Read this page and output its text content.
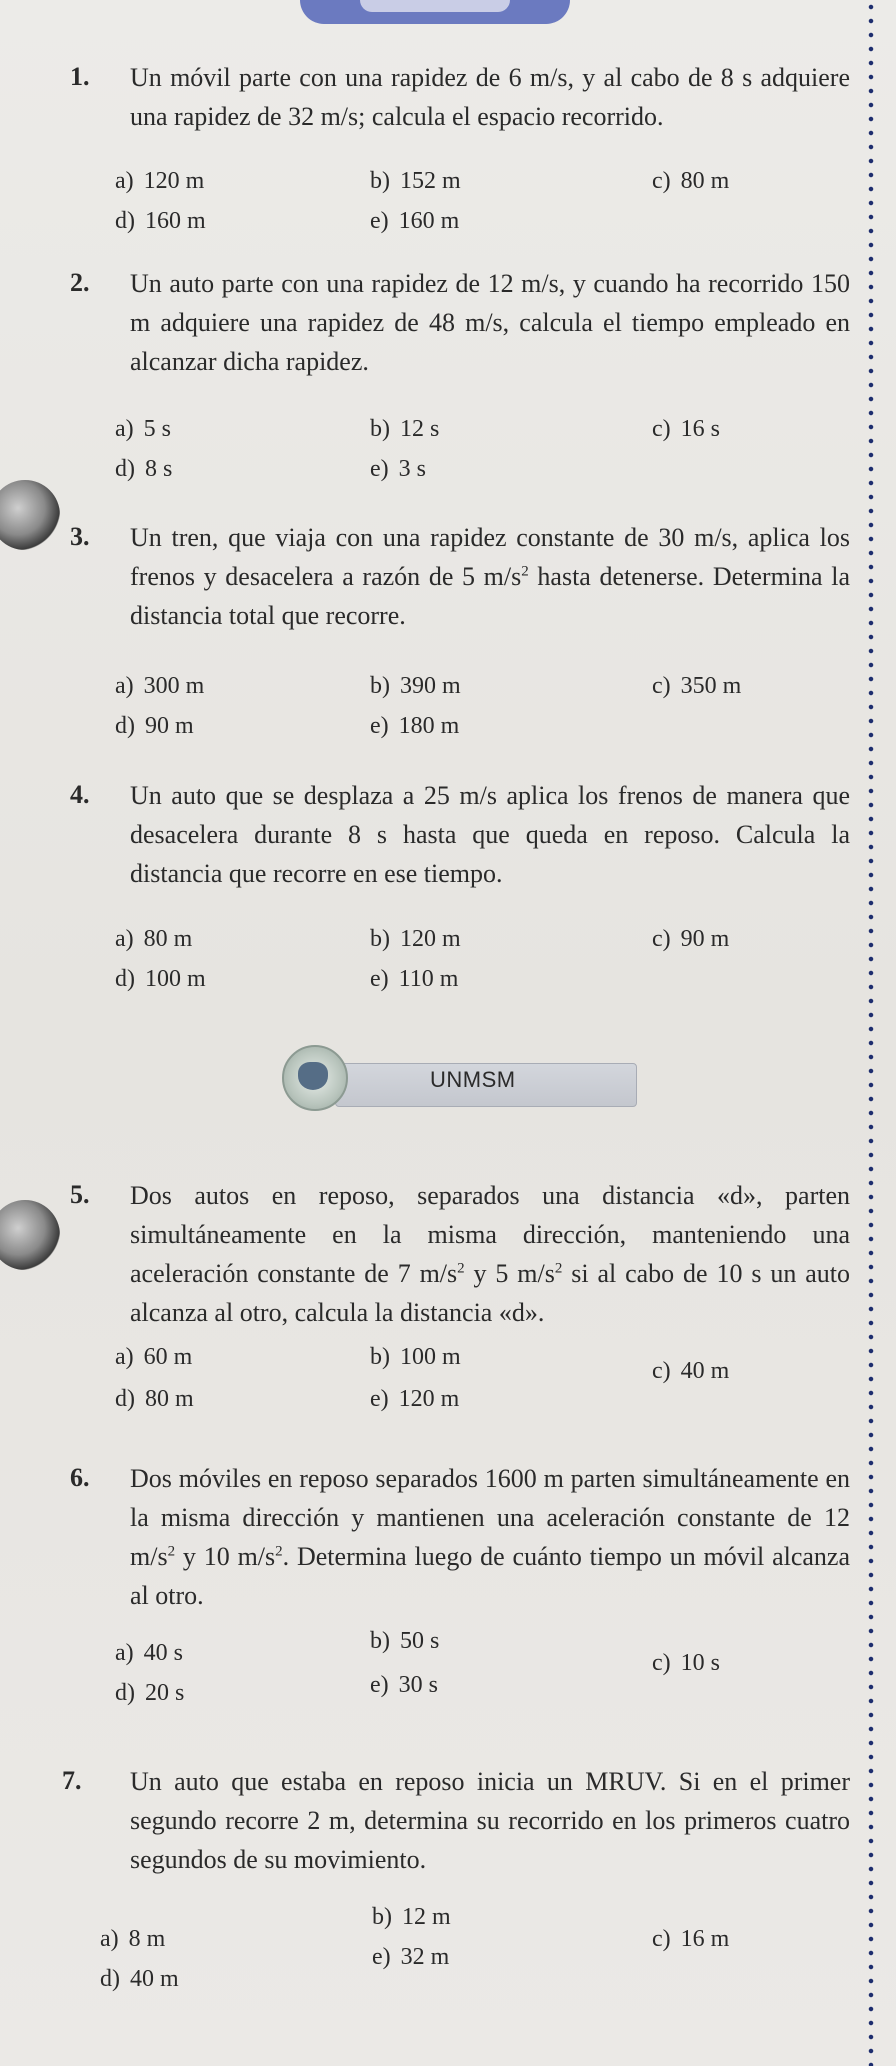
1. Un móvil parte con una rapidez de 6 m/s, y al cabo de 8 s adquiere una rapidez de 32 m/s; calcula el espacio recorrido.
a) 120 m	b) 152 m	c) 80 m
d) 160 m	e) 160 m
2. Un auto parte con una rapidez de 12 m/s, y cuando ha recorrido 150 m adquiere una rapidez de 48 m/s, calcula el tiempo empleado en alcanzar dicha rapidez.
a) 5 s	b) 12 s	c) 16 s
d) 8 s	e) 3 s
3. Un tren, que viaja con una rapidez constante de 30 m/s, aplica los frenos y desacelera a razón de 5 $m/s^2$ hasta detenerse. Determina la distancia total que recorre.
a) 300 m	b) 390 m	c) 350 m
d) 90 m	e) 180 m
4. Un auto que se desplaza a 25 m/s aplica los frenos de manera que desacelera durante 8 s hasta que queda en reposo. Calcula la distancia que recorre en ese tiempo.
a) 80 m	b) 120 m	c) 90 m
d) 100 m	e) 110 m
UNMSM
5. Dos autos en reposo, separados una distancia «d», parten simultáneamente en la misma dirección, manteniendo una aceleración constante de 7 $m/s^2$ y 5 $m/s^2$ si al cabo de 10 s un auto alcanza al otro, calcula la distancia «d».
a) 60 m	b) 100 m
c) 40 m
d) 80 m	e) 120 m
6. Dos móviles en reposo separados 1600 m parten simultáneamente en la misma dirección y mantienen una aceleración constante de 12 $m/s^2$ y 10 $m/s^2$. Determina luego de cuánto tiempo un móvil alcanza al otro.
a) 40 s	b) 50 s
c) 10 s
d) 20 s	e) 30 s
7. Un auto que estaba en reposo inicia un MRUV. Si en el primer segundo recorre 2 m, determina su recorrido en los primeros cuatro segundos de su movimiento.
a) 8 m
b) 12 m
c) 16 m
d) 40 m
e) 32 m
